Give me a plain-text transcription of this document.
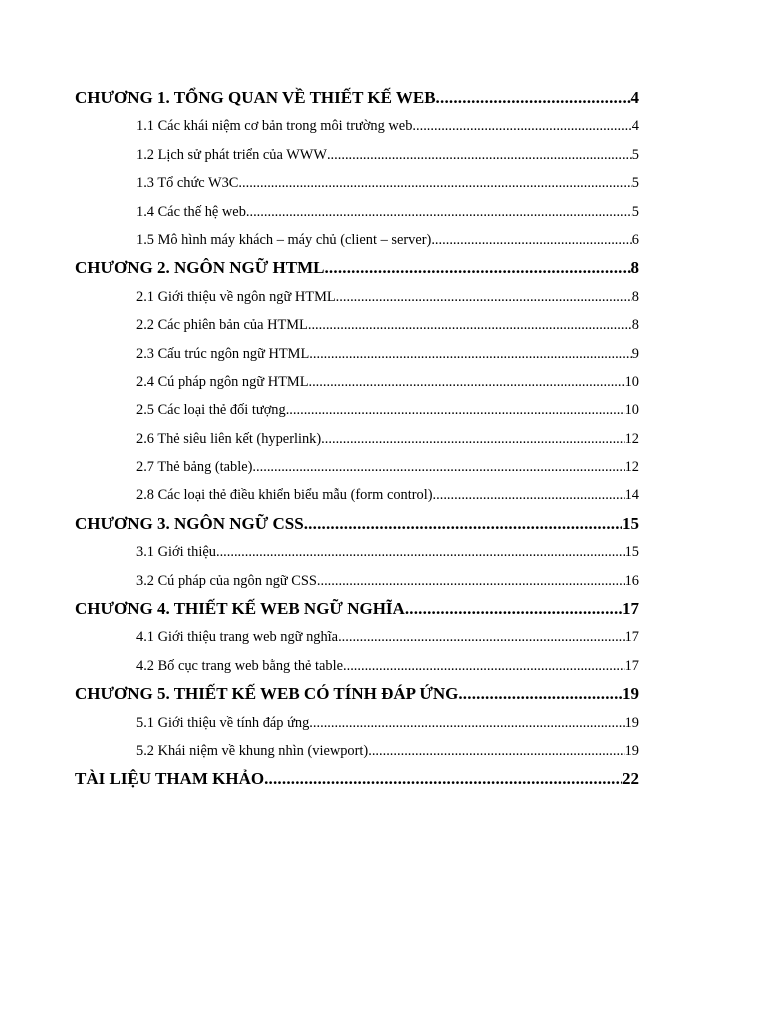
CHƯƠNG 1. TỔNG QUAN VỀ THIẾT KẾ WEB .....	4
1.1 Các khái niệm cơ bản trong môi trường web .....	4
1.2 Lịch sử phát triển của WWW .....	5
1.3 Tổ chức W3C .....	5
1.4 Các thế hệ web .....	5
1.5 Mô hình máy khách – máy chủ (client – server) .....	6
CHƯƠNG 2. NGÔN NGỮ HTML .....	8
2.1 Giới thiệu về ngôn ngữ HTML .....	8
2.2 Các phiên bản của HTML .....	8
2.3 Cấu trúc ngôn ngữ HTML .....	9
2.4 Cú pháp ngôn ngữ HTML .....	10
2.5 Các loại thẻ đối tượng .....	10
2.6 Thẻ siêu liên kết (hyperlink) .....	12
2.7 Thẻ bảng (table) .....	12
2.8 Các loại thẻ điều khiển biểu mẫu (form control) .....	14
CHƯƠNG 3. NGÔN NGỮ CSS .....	15
3.1 Giới thiệu .....	15
3.2 Cú pháp của ngôn ngữ CSS .....	16
CHƯƠNG 4. THIẾT KẾ WEB NGỮ NGHĨA .....	17
4.1 Giới thiệu trang web ngữ nghĩa .....	17
4.2 Bố cục trang web bằng thẻ table .....	17
CHƯƠNG 5. THIẾT KẾ WEB CÓ TÍNH ĐÁP ỨNG .....	19
5.1 Giới thiệu về tính đáp ứng .....	19
5.2 Khái niệm về khung nhìn (viewport) .....	19
TÀI LIỆU THAM KHẢO .....	22
